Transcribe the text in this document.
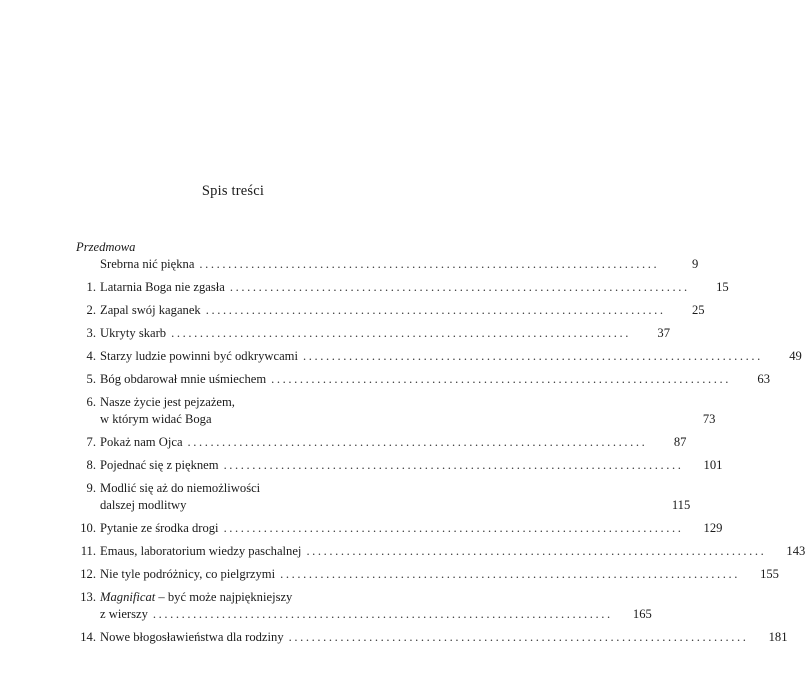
Spis treści
Przedmowa
Srebrna nić piękna ................................................................................	9
1. Latarnia Boga nie zgasła ................................................................................	15
2. Zapal swój kaganek ................................................................................	25
3. Ukryty skarb ................................................................................	37
4. Starzy ludzie powinni być odkrywcami ................................................................................	49
5. Bóg obdarował mnie uśmiechem ................................................................................	63
6. Nasze życie jest pejzażem,
w którym widać Boga	73
7. Pokaż nam Ojca ................................................................................	87
8. Pojednać się z pięknem ................................................................................	101
9. Modlić się aż do niemożliwości
dalszej modlitwy	115
10. Pytanie ze środka drogi ................................................................................	129
11. Emaus, laboratorium wiedzy paschalnej ................................................................................	143
12. Nie tyle podróżnicy, co pielgrzymi ................................................................................	155
13. Magnificat – być może najpiękniejszy
z wierszy ................................................................................	165
14. Nowe błogosławieństwa dla rodziny ................................................................................	181
